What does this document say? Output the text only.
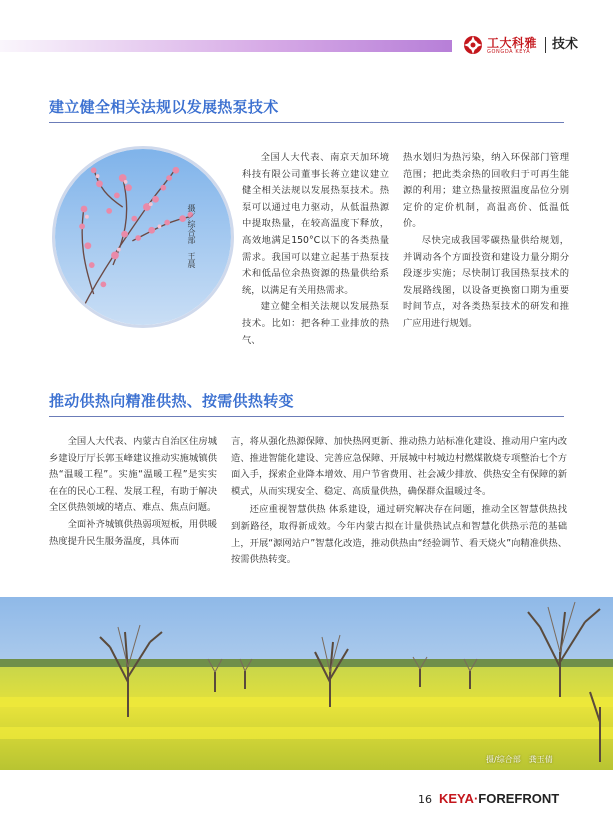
工大科雅
GONGDA KEYA	技术
建立健全相关法规以发展热泵技术
摄／综合部　王晨

全国人大代表、南京天加环境科技有限公司董事长蒋立建议建立健全相关法规以发展热泵技术。热泵可以通过电力驱动，从低温热源中提取热量，在较高温度下释放，高效地满足150°C以下的各类热量需求。我国可以建立起基于热泵技术和低品位余热资源的热量供给系统，以满足有关用热需求。

建立健全相关法规以发展热泵技术。比如：把各种工业排放的热气、

热水划归为热污染，纳入环保部门管理范围；把此类余热的回收归于可再生能源的利用；建立热量按照温度品位分别定价的定价机制，高温高价、低温低价。

尽快完成我国零碳热量供给规划，并调动各个方面投资和建设力量分期分段逐步实施；尽快制订我国热泵技术的发展路线图，以设备更换窗口期为重要时间节点，对各类热泵技术的研发和推广应用进行规划。

推动供热向精准供热、按需供热转变

全国人大代表、内蒙古自治区住房城乡建设厅厅长郭玉峰建议推动实施城镇供热“温暖工程”。实施“温暖工程”是实实在在的民心工程、发展工程，有助于解决全区供热领域的堵点、难点、焦点问题。

全面补齐城镇供热弱项短板，用供暖热度提升民生服务温度，具体而

言，将从强化热源保障、加快热网更新、推动热力站标准化建设、推动用户室内改造、推进智能化建设、完善应急保障、开展城中村城边村燃煤散烧专项整治七个方面入手，探索企业降本增效、用户节省费用、社会减少排放、供热安全有保障的新模式，从而实现安全、稳定、高质量供热，确保群众温暖过冬。

还应重视智慧供热 体系建设，通过研究解决存在问题，推动全区智慧供热找到新路径，取得新成效。今年内蒙古拟在计量供热试点和智慧化供热示范的基础上，开展“源网站户”智慧化改造，推动供热由“经验调节、看天烧火”向精准供热、按需供热转变。

摄/综合部　龚玉倩
16 KEYA·FOREFRONT
